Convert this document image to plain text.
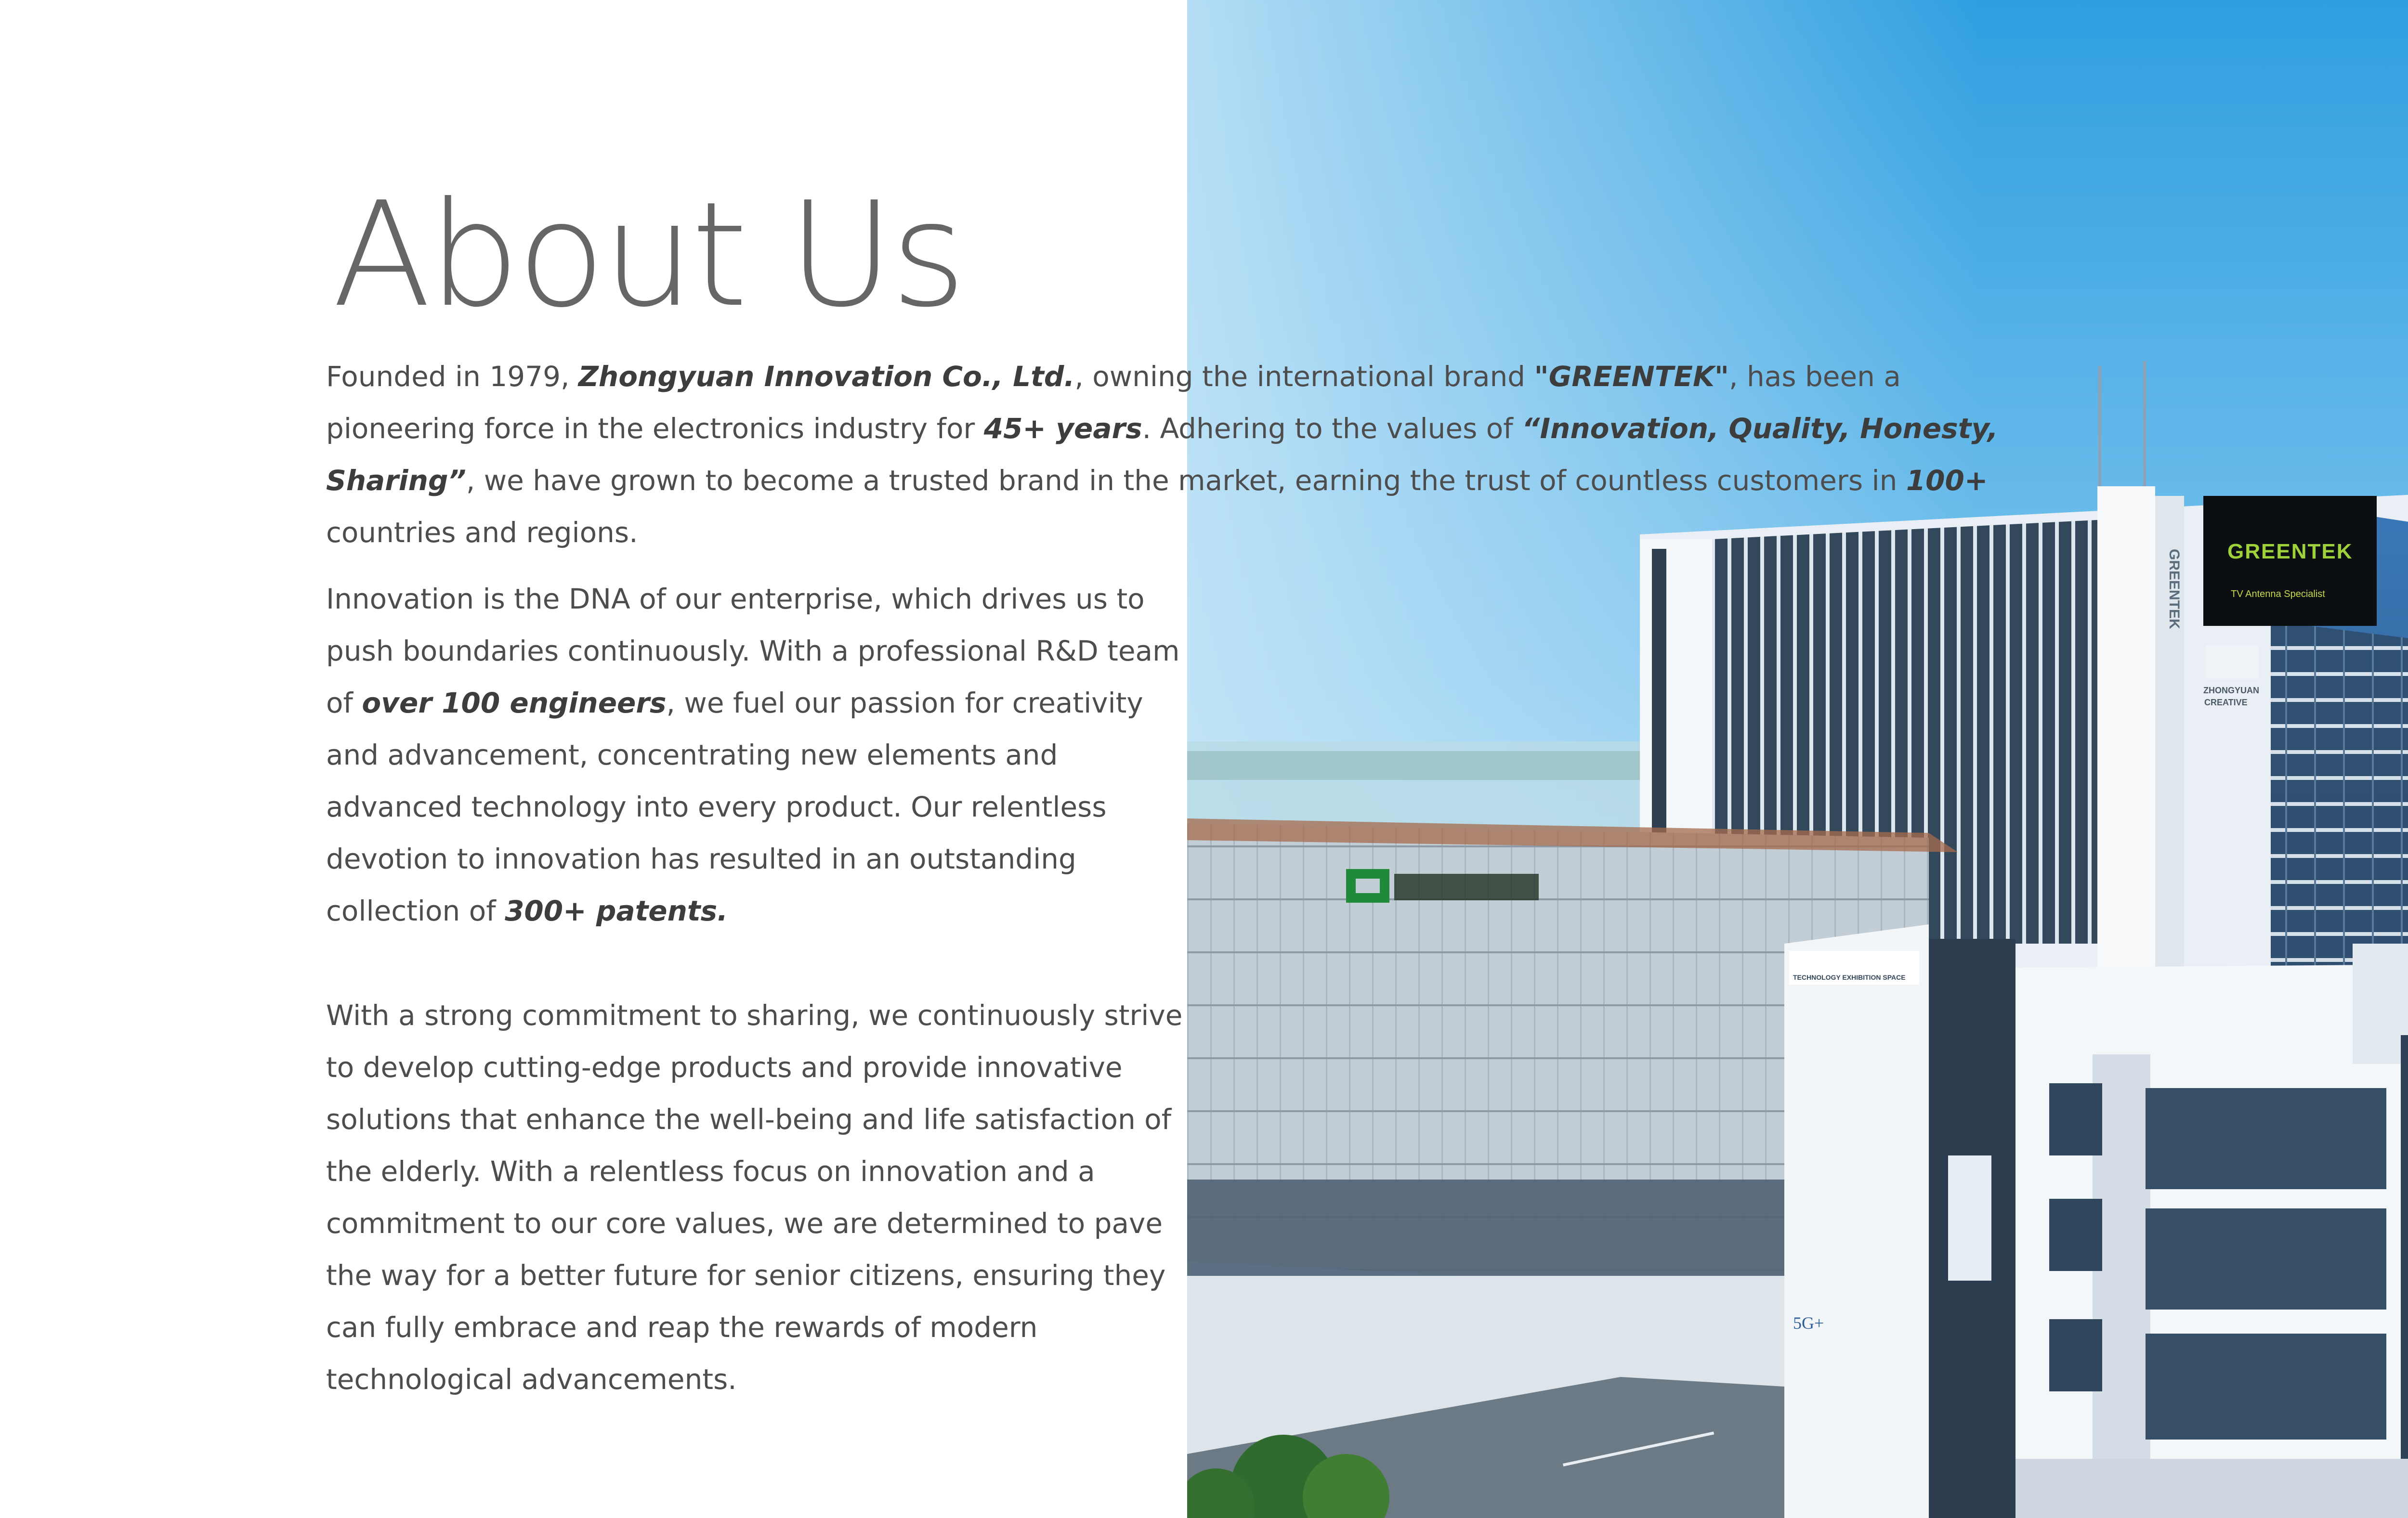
GREENTEK GREENTEK
TV Antenna Specialist
ZHONGYUAN
CREATIVE
TECHNOLOGY EXHIBITION SPACE
5G+
About Us

Founded in 1979, Zhongyuan Innovation Co., Ltd., owning the international brand "GREENTEK", has been a pioneering force in the electronics industry for 45+ years. Adhering to the values of “Innovation, Quality, Honesty, Sharing”, we have grown to become a trusted brand in the market, earning the trust of countless customers in 100+ countries and regions.

Innovation is the DNA of our enterprise, which drives us to push boundaries continuously. With a professional R&D team of over 100 engineers, we fuel our passion for creativity and advancement, concentrating new elements and advanced technology into every product. Our relentless devotion to innovation has resulted in an outstanding collection of 300+ patents.

With a strong commitment to sharing, we continuously strive to develop cutting-edge products and provide innovative solutions that enhance the well-being and life satisfaction of the elderly. With a relentless focus on innovation and a commitment to our core values, we are determined to pave the way for a better future for senior citizens, ensuring they can fully embrace and reap the rewards of modern technological advancements.
